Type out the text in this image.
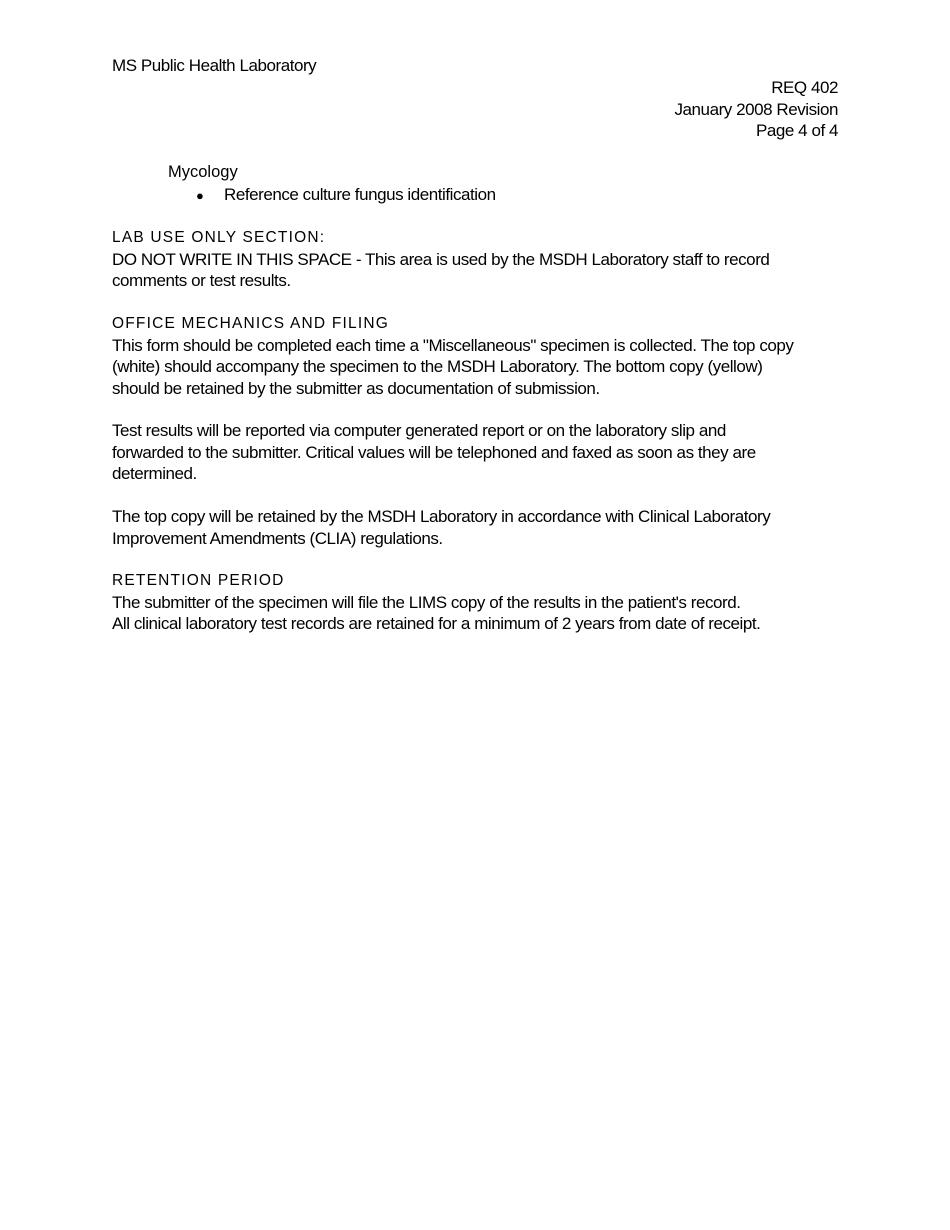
MS Public Health Laboratory
REQ 402
January 2008 Revision
Page 4 of 4
Mycology
●	Reference culture fungus identification
LAB USE ONLY SECTION:
DO NOT WRITE IN THIS SPACE - This area is used by the MSDH Laboratory staff to record
comments or test results.
OFFICE MECHANICS AND FILING
This form should be completed each time a "Miscellaneous" specimen is collected. The top copy
(white) should accompany the specimen to the MSDH Laboratory. The bottom copy (yellow)
should be retained by the submitter as documentation of submission.
Test results will be reported via computer generated report or on the laboratory slip and
forwarded to the submitter. Critical values will be telephoned and faxed as soon as they are
determined.
The top copy will be retained by the MSDH Laboratory in accordance with Clinical Laboratory
Improvement Amendments (CLIA) regulations.
RETENTION PERIOD
The submitter of the specimen will file the LIMS copy of the results in the patient's record.
All clinical laboratory test records are retained for a minimum of 2 years from date of receipt.
